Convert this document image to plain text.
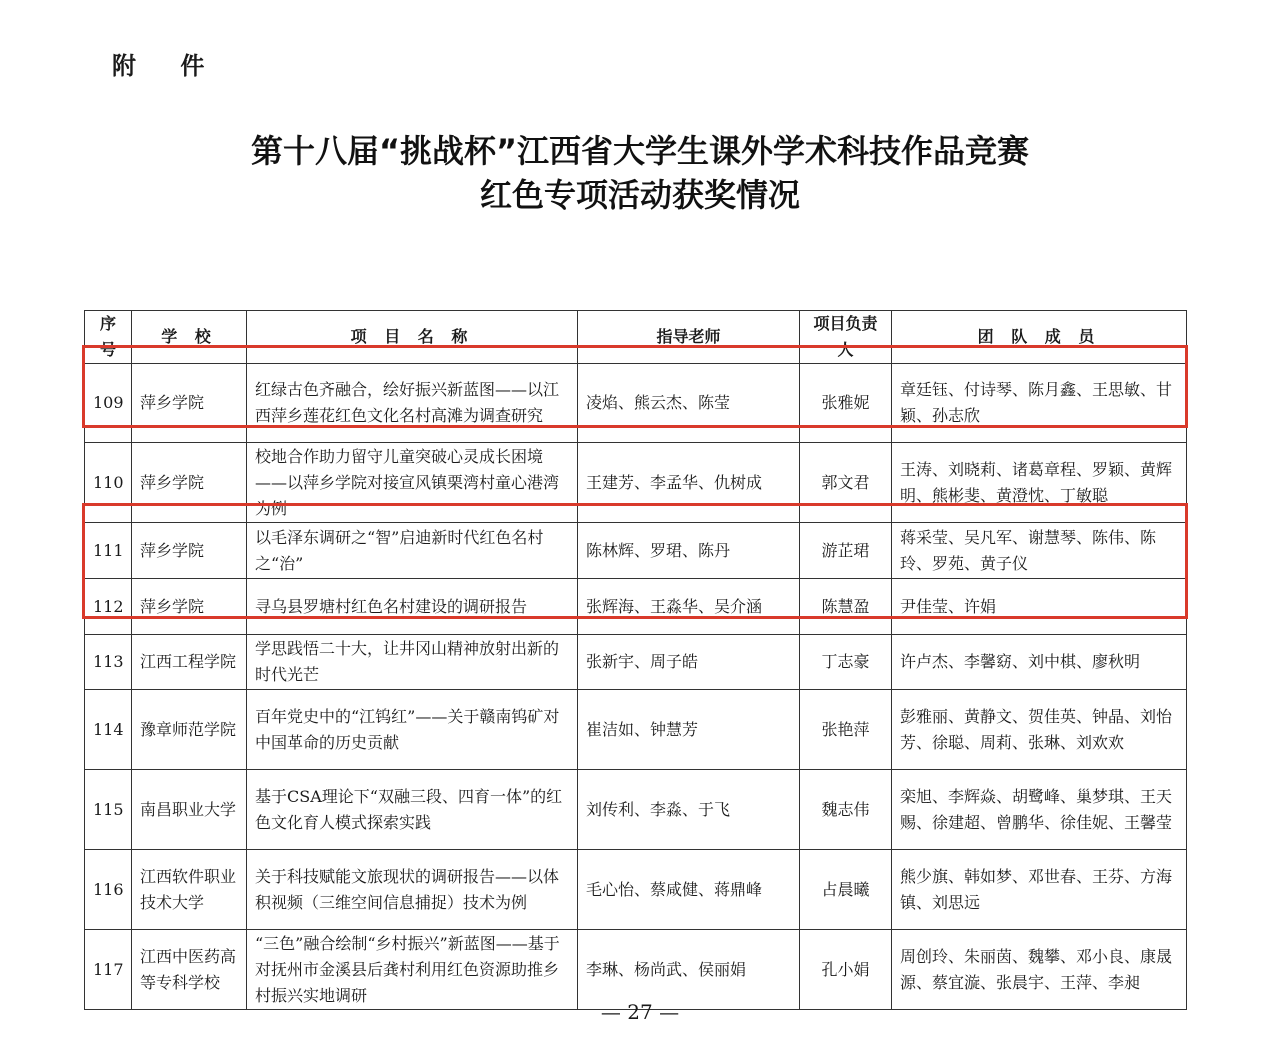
附 件
第十八届“挑战杯”江西省大学生课外学术科技作品竞赛
红色专项活动获奖情况
序号	学 校	项 目 名 称	指导老师	项目负责人	团 队 成 员
109	萍乡学院	红绿古色齐融合，绘好振兴新蓝图——以江西萍乡莲花红色文化名村高滩为调查研究	凌焰、熊云杰、陈莹	张雅妮	章廷钰、付诗琴、陈月鑫、王思敏、甘颖、孙志欣
110	萍乡学院	校地合作助力留守儿童突破心灵成长困境——以萍乡学院对接宣风镇栗湾村童心港湾为例	王建芳、李孟华、仇树成	郭文君	王涛、刘晓莉、诸葛章程、罗颖、黄辉明、熊彬斐、黄澄忱、丁敏聪
111	萍乡学院	以毛泽东调研之“智”启迪新时代红色名村之“治”	陈林辉、罗珺、陈丹	游芷珺	蒋采莹、吴凡军、谢慧琴、陈伟、陈玲、罗苑、黄子仪
112	萍乡学院	寻乌县罗塘村红色名村建设的调研报告	张辉海、王淼华、吴介涵	陈慧盈	尹佳莹、许娟
113	江西工程学院	学思践悟二十大，让井冈山精神放射出新的时代光芒	张新宇、周子皓	丁志豪	许卢杰、李馨窈、刘中棋、廖秋明
114	豫章师范学院	百年党史中的“江钨红”——关于赣南钨矿对中国革命的历史贡献	崔洁如、钟慧芳	张艳萍	彭雅丽、黄静文、贺佳英、钟晶、刘怡芳、徐聪、周莉、张琳、刘欢欢
115	南昌职业大学	基于CSA理论下“双融三段、四育一体”的红色文化育人模式探索实践	刘传利、李淼、于飞	魏志伟	栾旭、李辉焱、胡鹭峰、巢梦琪、王天赐、徐建超、曾鹏华、徐佳妮、王馨莹
116	江西软件职业技术大学	关于科技赋能文旅现状的调研报告——以体积视频（三维空间信息捕捉）技术为例	毛心怡、蔡咸健、蒋鼎峰	占晨曦	熊少旗、韩如梦、邓世春、王芬、方海镇、刘思远
117	江西中医药高等专科学校	“三色”融合绘制“乡村振兴”新蓝图——基于对抚州市金溪县后龚村利用红色资源助推乡村振兴实地调研	李琳、杨尚武、侯丽娟	孔小娟	周创玲、朱丽茵、魏攀、邓小良、康晟源、蔡宜漩、张晨宇、王萍、李昶
— 27 —
